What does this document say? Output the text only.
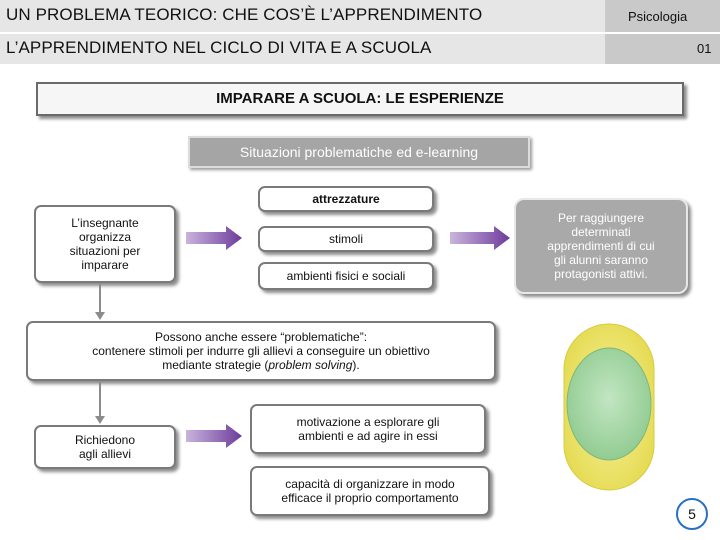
UN PROBLEMA TEORICO: CHE COS’È L’APPRENDIMENTO
L’APPRENDIMENTO NEL CICLO DI VITA E A SCUOLA
Psicologia
01
IMPARARE A SCUOLA: LE ESPERIENZE
Situazioni problematiche ed e-learning
L’insegnante
organizza
situazioni per
imparare
attrezzature
stimoli
ambienti fisici e sociali
Per raggiungere
determinati
apprendimenti di cui
gli alunni saranno
protagonisti attivi.
Possono anche essere “problematiche”:
contenere stimoli per indurre gli allievi a conseguire un obiettivo
mediante strategie (problem solving).
Richiedono
agli allievi
motivazione a esplorare gli
ambienti e ad agire in essi
capacità di organizzare in modo
efficace il proprio comportamento
5
